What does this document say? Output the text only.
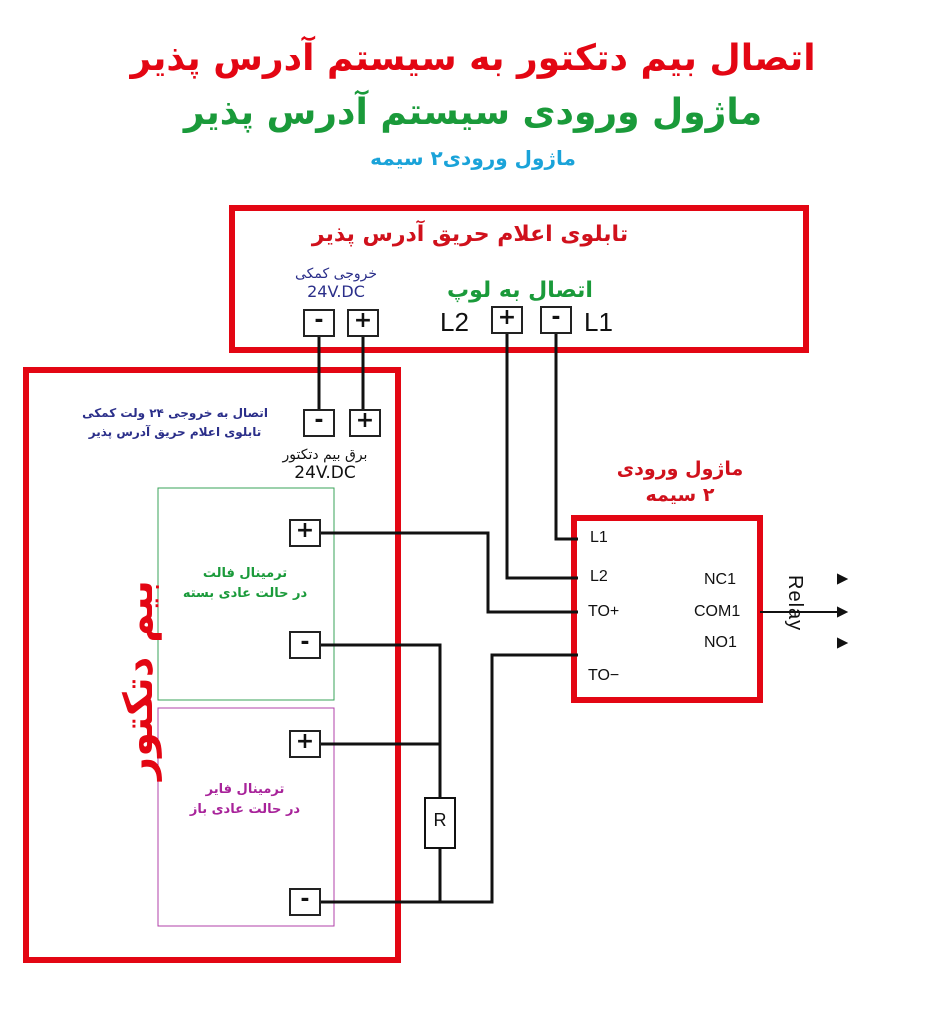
اتصال بیم دتکتور به سیستم آدرس پذیر
ماژول ورودی سیستم آدرس پذیر
ماژول ورودی۲ سیمه
-	+	+	-
-	+
+
-
+
-
تابلوی اعلام حریق آدرس پذیر
خروجی کمکی
24V.DC	اتصال به لوپ
L2	L1
اتصال به خروجی ۲۴ ولت کمکی
تابلوی اعلام حریق آدرس پذیر
برق بیم دتکتور
24V.DC
ترمینال فالت
در حالت عادی بسته
ترمینال فایر
در حالت عادی باز
بیم دتکتور
R
ماژول ورودی
۲ سیمه
L1
L2
TO+
TO−
NC1
COM1
NO1
Relay
